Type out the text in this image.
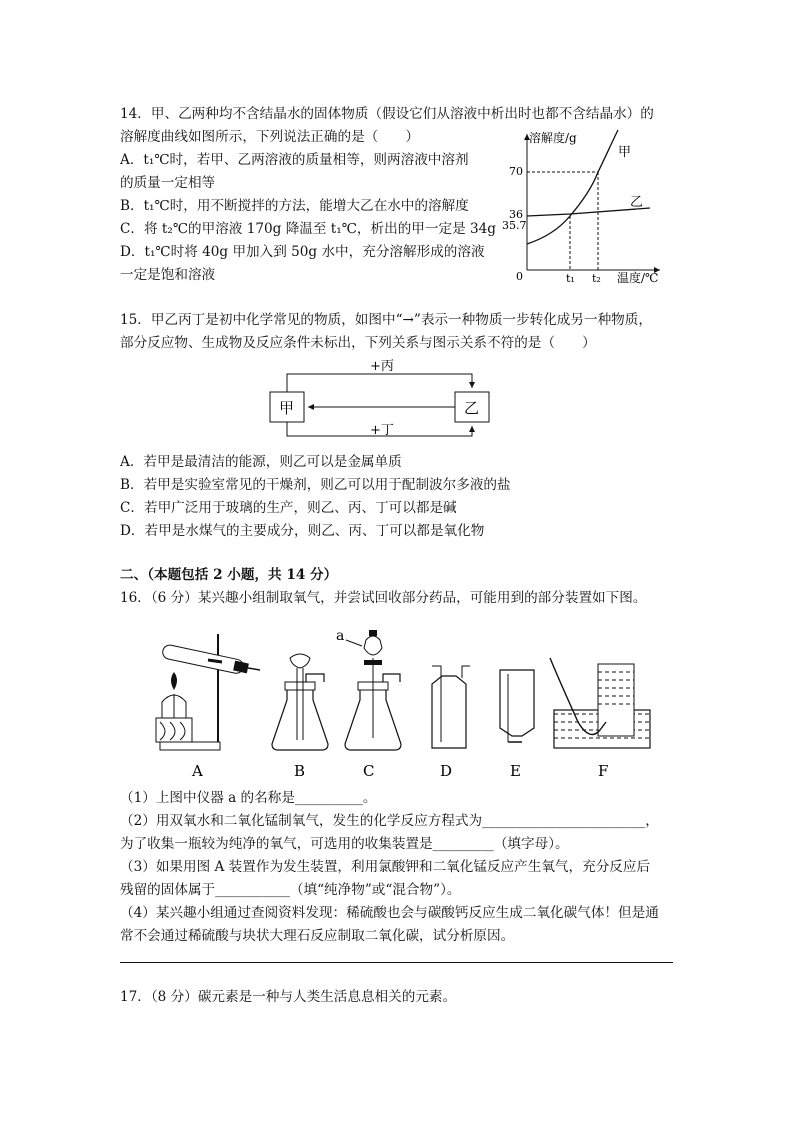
14．甲、乙两种均不含结晶水的固体物质（假设它们从溶液中析出时也都不含结晶水）的
溶解度曲线如图所示，下列说法正确的是（　　）
A．t₁℃时，若甲、乙两溶液的质量相等，则两溶液中溶剂
的质量一定相等
B．t₁℃时，用不断搅拌的方法，能增大乙在水中的溶解度
C．将 t₂℃的甲溶液 170g 降温至 t₁℃，析出的甲一定是 34g
D．t₁℃时将 40g 甲加入到 50g 水中，充分溶解形成的溶液
一定是饱和溶液
溶解度/g
温度/℃
0
70
36
35.7
t₁ t₂
甲
乙
15．甲乙丙丁是初中化学常见的物质，如图中“→”表示一种物质一步转化成另一种物质，
部分反应物、生成物及反应条件未标出，下列关系与图示关系不符的是（　　）
甲	乙
+丙
+丁
A．若甲是最清洁的能源，则乙可以是金属单质
B．若甲是实验室常见的干燥剂，则乙可以用于配制波尔多液的盐
C．若甲广泛用于玻璃的生产，则乙、丙、丁可以都是碱
D．若甲是水煤气的主要成分，则乙、丙、丁可以都是氧化物
二、（本题包括 2 小题，共 14 分）
16．（6 分）某兴趣小组制取氧气，并尝试回收部分药品，可能用到的部分装置如下图。
a
A	B	C	D	E	F
（1）上图中仪器 a 的名称是__________。
（2）用双氧水和二氧化锰制氧气，发生的化学反应方程式为________________________，
为了收集一瓶较为纯净的氧气，可选用的收集装置是_________（填字母）。
（3）如果用图 A 装置作为发生装置，利用氯酸钾和二氧化锰反应产生氧气，充分反应后
残留的固体属于___________（填“纯净物”或“混合物”）。
（4）某兴趣小组通过查阅资料发现：稀硫酸也会与碳酸钙反应生成二氧化碳气体！但是通
常不会通过稀硫酸与块状大理石反应制取二氧化碳，试分析原因。
17．（8 分）碳元素是一种与人类生活息息相关的元素。
